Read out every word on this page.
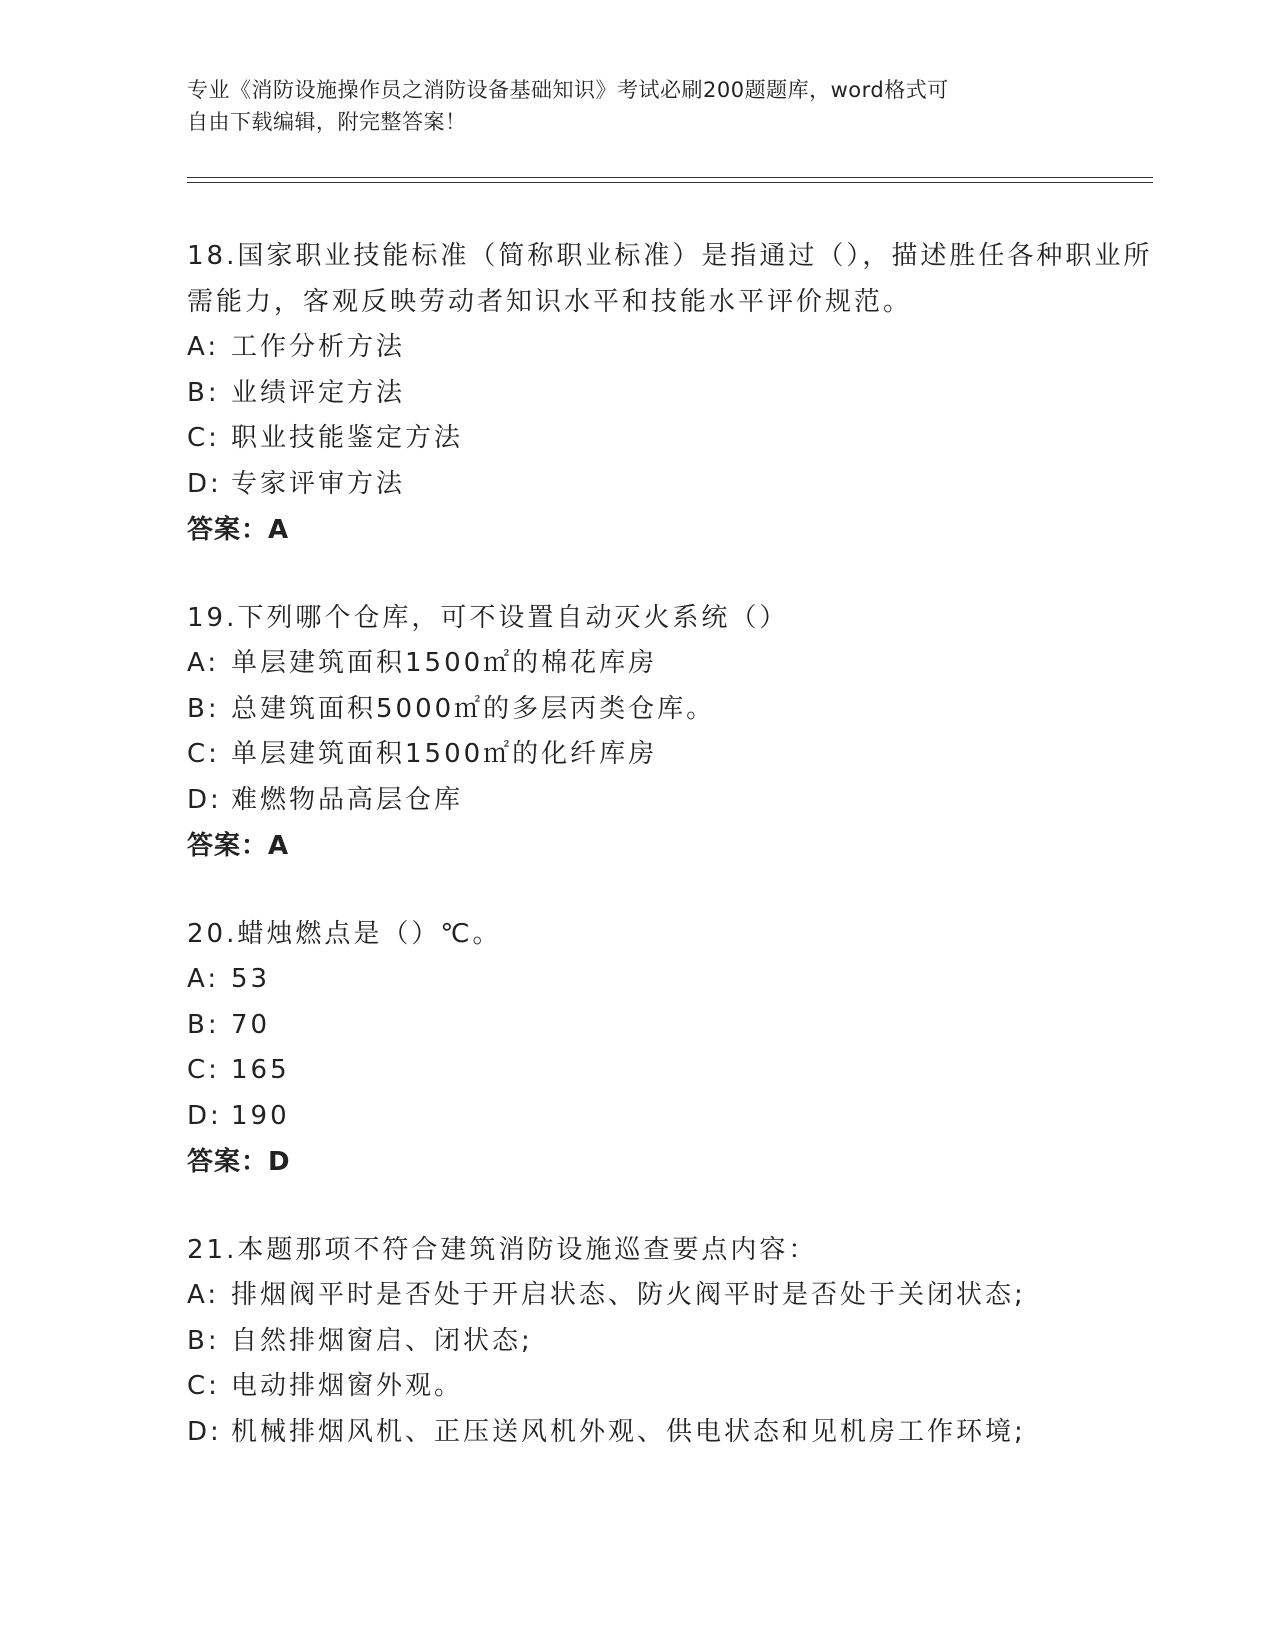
专业《消防设施操作员之消防设备基础知识》考试必刷200题题库，word格式可
自由下载编辑，附完整答案！
18.国家职业技能标准（简称职业标准）是指通过（），描述胜任各种职业所需能力，客观反映劳动者知识水平和技能水平评价规范。
A: 工作分析方法
B: 业绩评定方法
C: 职业技能鉴定方法
D: 专家评审方法
答案：A
19.下列哪个仓库，可不设置自动灭火系统（）
A: 单层建筑面积1500㎡的棉花库房
B: 总建筑面积5000㎡的多层丙类仓库。
C: 单层建筑面积1500㎡的化纤库房
D: 难燃物品高层仓库
答案：A
20.蜡烛燃点是（）℃。
A: 53
B: 70
C: 165
D: 190
答案：D
21.本题那项不符合建筑消防设施巡查要点内容：
A: 排烟阀平时是否处于开启状态、防火阀平时是否处于关闭状态;
B: 自然排烟窗启、闭状态;
C: 电动排烟窗外观。
D: 机械排烟风机、正压送风机外观、供电状态和见机房工作环境;
